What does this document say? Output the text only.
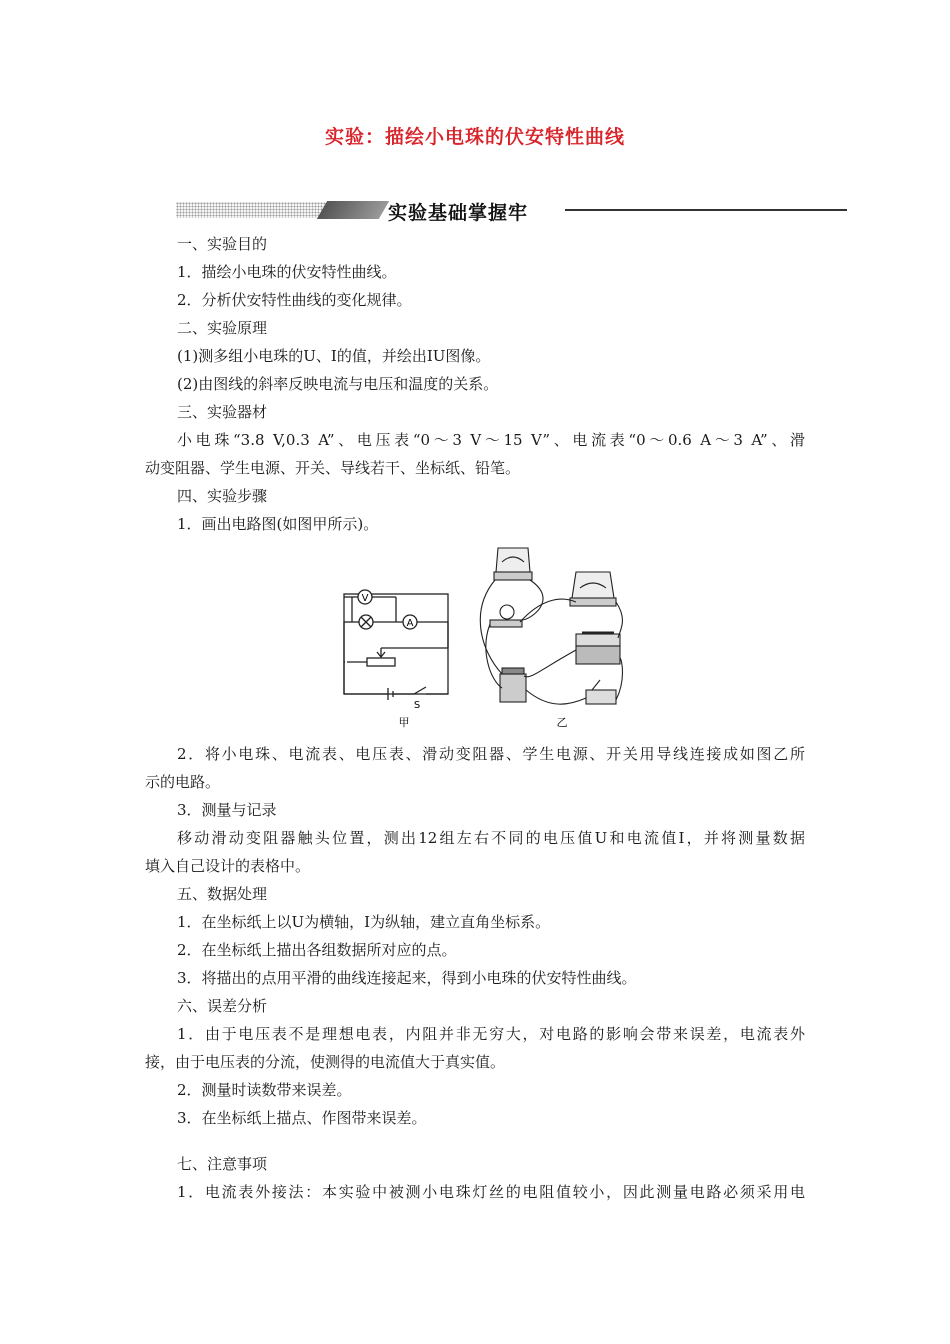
实验：描绘小电珠的伏安特性曲线
实验基础掌握牢
一、实验目的
1．描绘小电珠的伏安特性曲线。
2．分析伏安特性曲线的变化规律。
二、实验原理
(1)测多组小电珠的U、I的值，并绘出IU图像。
(2)由图线的斜率反映电流与电压和温度的关系。
三、实验器材
小电珠“3.8 V,0.3 A”、电压表“0～3 V～15 V”、电流表“0～0.6 A～3 A”、滑
动变阻器、学生电源、开关、导线若干、坐标纸、铅笔。
四、实验步骤
1．画出电路图(如图甲所示)。
V
A
S
甲	乙
2．将小电珠、电流表、电压表、滑动变阻器、学生电源、开关用导线连接成如图乙所
示的电路。
3．测量与记录
移动滑动变阻器触头位置，测出12组左右不同的电压值U和电流值I，并将测量数据
填入自己设计的表格中。
五、数据处理
1．在坐标纸上以U为横轴，I为纵轴，建立直角坐标系。
2．在坐标纸上描出各组数据所对应的点。
3．将描出的点用平滑的曲线连接起来，得到小电珠的伏安特性曲线。
六、误差分析
1．由于电压表不是理想电表，内阻并非无穷大，对电路的影响会带来误差，电流表外
接，由于电压表的分流，使测得的电流值大于真实值。
2．测量时读数带来误差。
3．在坐标纸上描点、作图带来误差。
七、注意事项
1．电流表外接法：本实验中被测小电珠灯丝的电阻值较小，因此测量电路必须采用电
